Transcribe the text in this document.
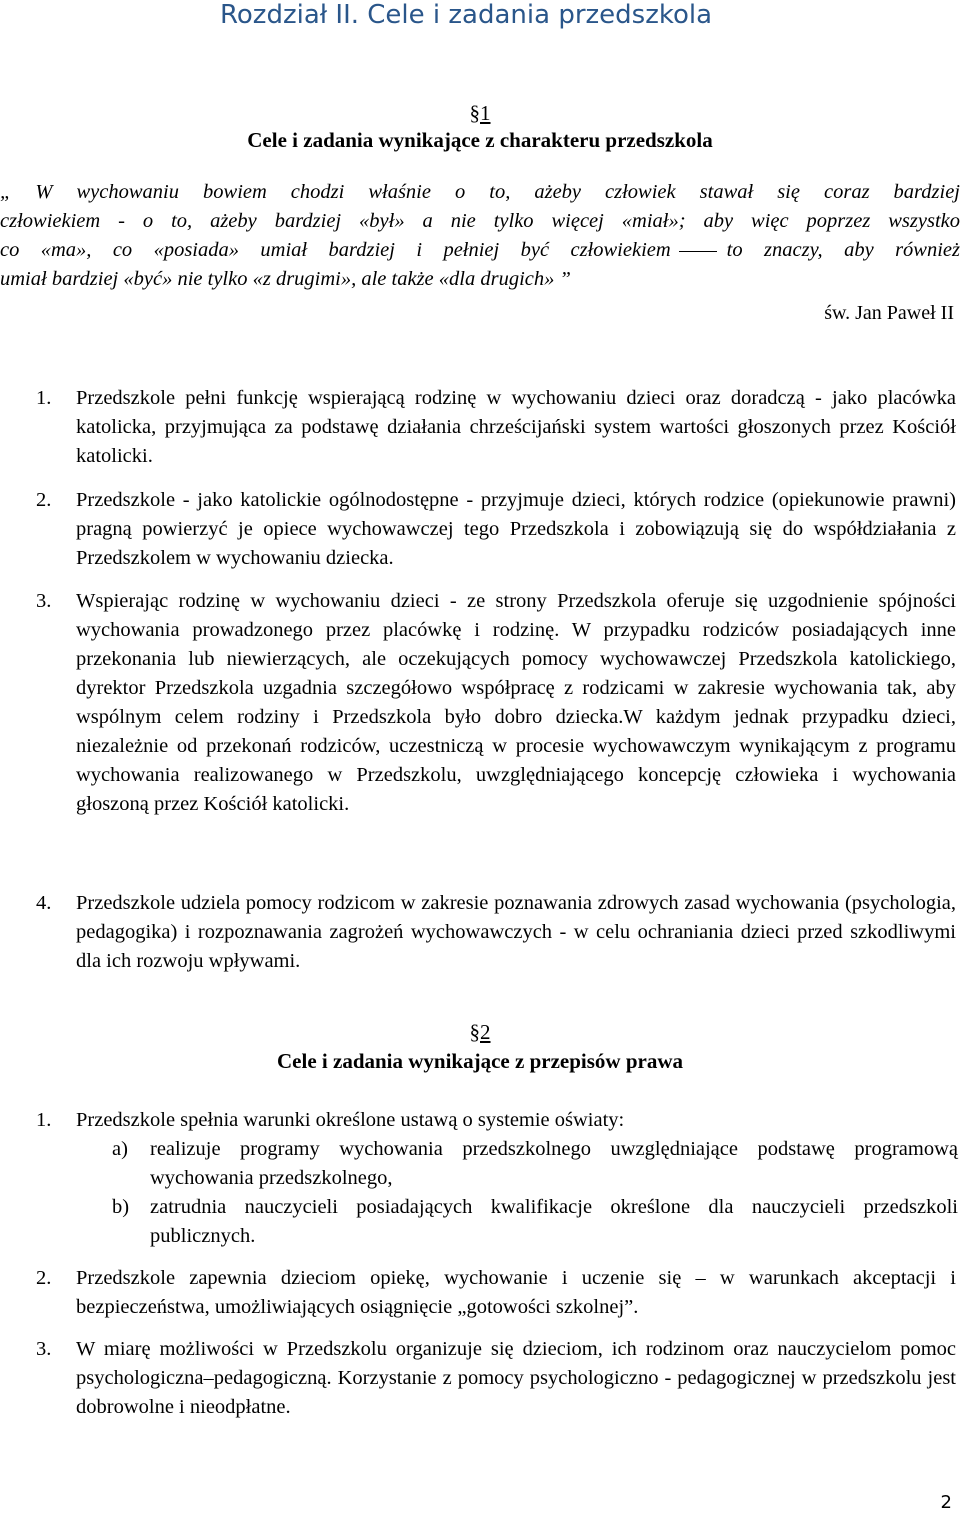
Rozdział II. Cele i zadania przedszkola
§1
Cele i zadania wynikające z charakteru przedszkola
„ W wychowaniu bowiem chodzi właśnie o to, ażeby człowiek stawał się coraz bardziej
człowiekiem - o to, ażeby bardziej «był» a nie tylko więcej «miał»; aby więc poprzez wszystko
co «ma», co «posiada» umiał bardziej i pełniej być człowiekiem	to znaczy, aby również
umiał bardziej «być» nie tylko «z drugimi», ale także «dla drugich» ”
św. Jan Paweł II
1.	Przedszkole pełni funkcję wspierającą rodzinę w wychowaniu dzieci oraz doradczą - jako placówka katolicka, przyjmująca za podstawę działania chrześcijański system wartości głoszonych przez Kościół katolicki.
2.	Przedszkole - jako katolickie ogólnodostępne - przyjmuje dzieci, których rodzice (opiekunowie prawni) pragną powierzyć je opiece wychowawczej tego Przedszkola i zobowiązują się do współdziałania z Przedszkolem w wychowaniu dziecka.
3.	Wspierając rodzinę w wychowaniu dzieci - ze strony Przedszkola oferuje się uzgodnienie spójności wychowania prowadzonego przez placówkę i rodzinę. W przypadku rodziców posiadających inne przekonania lub niewierzących, ale oczekujących pomocy wychowawczej Przedszkola katolickiego, dyrektor Przedszkola uzgadnia szczegółowo współpracę z rodzicami w zakresie wychowania tak, aby wspólnym celem rodziny i Przedszkola było dobro dziecka.W każdym jednak przypadku dzieci, niezależnie od przekonań rodziców, uczestniczą w procesie wychowawczym wynikającym z programu wychowania realizowanego w Przedszkolu, uwzględniającego koncepcję człowieka i wychowania głoszoną przez Kościół katolicki.
4.	Przedszkole udziela pomocy rodzicom w zakresie poznawania zdrowych zasad wychowania (psychologia, pedagogika) i rozpoznawania zagrożeń wychowawczych - w celu ochraniania dzieci przed szkodliwymi dla ich rozwoju wpływami.
§2
Cele i zadania wynikające z przepisów prawa
1.	Przedszkole spełnia warunki określone ustawą o systemie oświaty:
a)	realizuje programy wychowania przedszkolnego uwzględniające podstawę programową wychowania przedszkolnego,
b)	zatrudnia nauczycieli posiadających kwalifikacje określone dla nauczycieli przedszkoli publicznych.
2.	Przedszkole zapewnia dzieciom opiekę, wychowanie i uczenie się – w warunkach akceptacji i bezpieczeństwa, umożliwiających osiągnięcie „gotowości szkolnej”.
3.	W miarę możliwości w Przedszkolu organizuje się dzieciom, ich rodzinom oraz nauczycielom pomoc psychologiczna–pedagogiczną. Korzystanie z pomocy psychologiczno - pedagogicznej w przedszkolu jest dobrowolne i nieodpłatne.
2
